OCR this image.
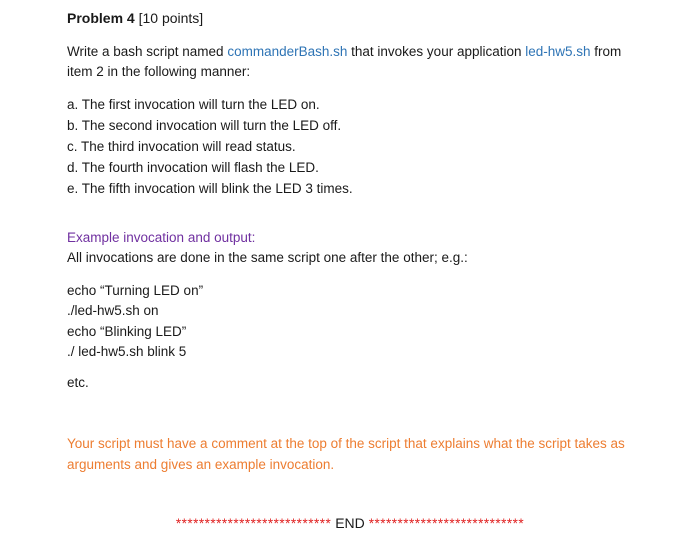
Problem 4 [10 points]
Write a bash script named commanderBash.sh that invokes your application led-hw5.sh from
item 2 in the following manner:
a. The first invocation will turn the LED on.
b. The second invocation will turn the LED off.
c. The third invocation will read status.
d. The fourth invocation will flash the LED.
e. The fifth invocation will blink the LED 3 times.
Example invocation and output:
All invocations are done in the same script one after the other; e.g.:
echo “Turning LED on”
./led-hw5.sh on
echo “Blinking LED”
./ led-hw5.sh blink 5
etc.
Your script must have a comment at the top of the script that explains what the script takes as
arguments and gives an example invocation.
*************************** END ***************************
